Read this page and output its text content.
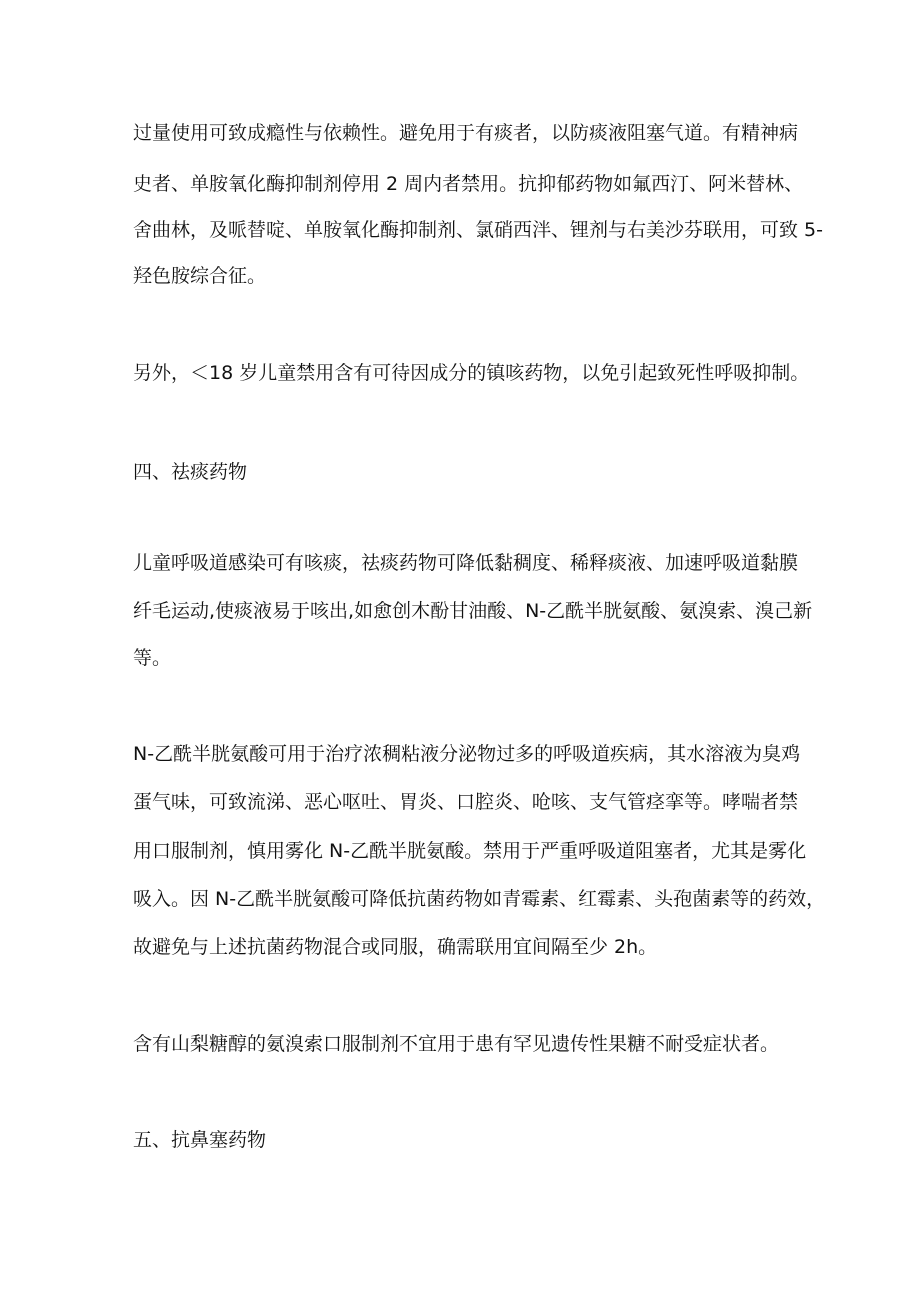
过量使用可致成瘾性与依赖性。避免用于有痰者，以防痰液阻塞气道。有精神病

史者、单胺氧化酶抑制剂停用 2 周内者禁用。抗抑郁药物如氟西汀、阿米替林、

舍曲林，及哌替啶、单胺氧化酶抑制剂、氯硝西泮、锂剂与右美沙芬联用，可致 5-

羟色胺综合征。

另外，＜18 岁儿童禁用含有可待因成分的镇咳药物，以免引起致死性呼吸抑制。

四、祛痰药物

儿童呼吸道感染可有咳痰，祛痰药物可降低黏稠度、稀释痰液、加速呼吸道黏膜

纤毛运动,使痰液易于咳出,如愈创木酚甘油酸、N-乙酰半胱氨酸、氨溴索、溴己新

等。

N-乙酰半胱氨酸可用于治疗浓稠粘液分泌物过多的呼吸道疾病，其水溶液为臭鸡

蛋气味，可致流涕、恶心呕吐、胃炎、口腔炎、呛咳、支气管痉挛等。哮喘者禁

用口服制剂，慎用雾化 N-乙酰半胱氨酸。禁用于严重呼吸道阻塞者，尤其是雾化

吸入。因 N-乙酰半胱氨酸可降低抗菌药物如青霉素、红霉素、头孢菌素等的药效，

故避免与上述抗菌药物混合或同服，确需联用宜间隔至少 2h。

含有山梨糖醇的氨溴索口服制剂不宜用于患有罕见遗传性果糖不耐受症状者。

五、抗鼻塞药物
